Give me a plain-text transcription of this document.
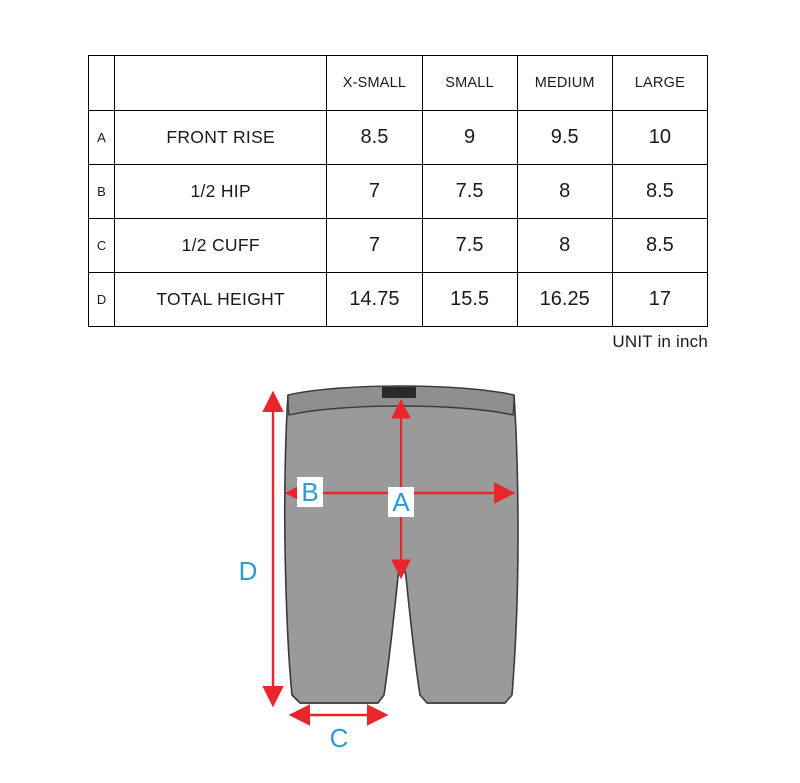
		X-SMALL	SMALL	MEDIUM	LARGE
A	FRONT RISE	8.5	9	9.5	10
B	1/2 HIP	7	7.5	8	8.5
C	1/2 CUFF	7	7.5	8	8.5
D	TOTAL HEIGHT	14.75	15.5	16.25	17
UNIT in inch
B	A
D
C
